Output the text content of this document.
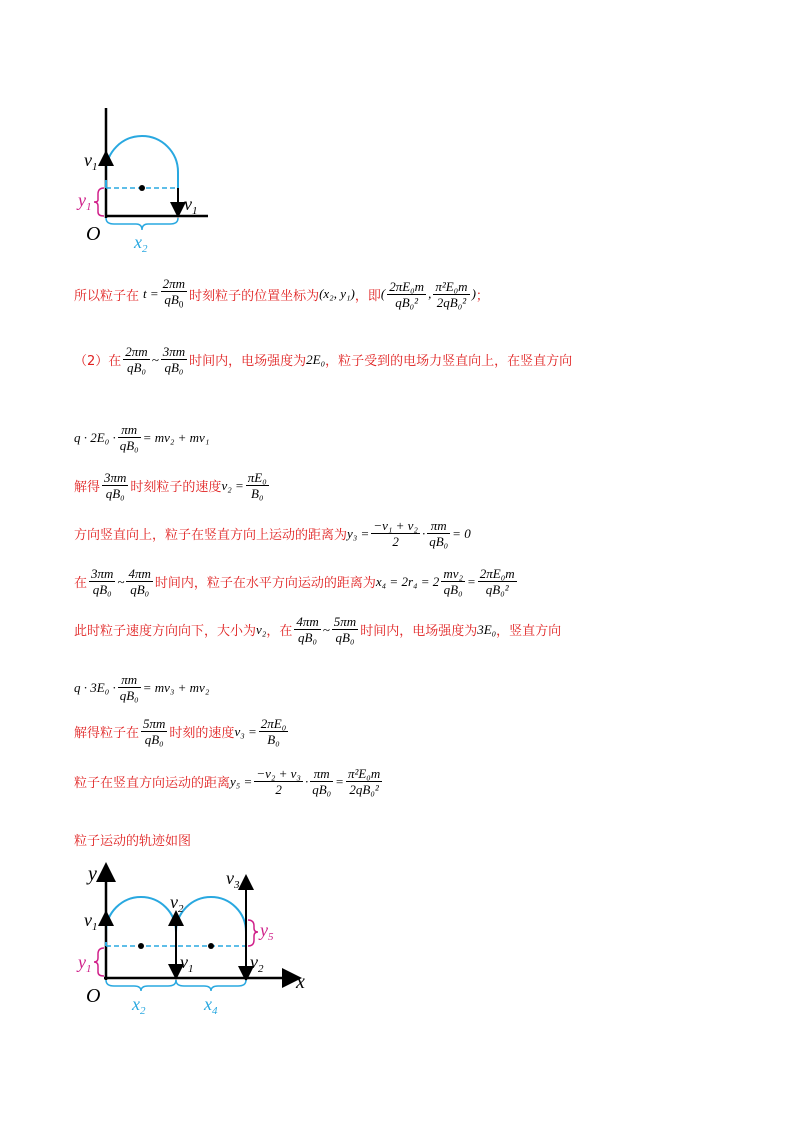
$v_1$
$v_1$
$y_1$
O $x_2$
所以粒子在 $t = \frac{2\pi m}{qB_0}$ 时刻粒子的位置坐标为 (x₂, y₁) ，即 ( $\frac{\text{2πE₀m}}{\text{qB₀²}}$ , $\frac{\text{π²E₀m}}{\text{2qB₀²}}$ ) ；
（2）在 $\frac{2\pi m}{\text{qB₀}}$ ~ $\frac{3\pi m}{\text{qB₀}}$ 时间内，电场强度为 2E₀ ，粒子受到的电场力竖直向上，在竖直方向
$q \cdot 2E_0 \cdot \frac{\pi m}{\text{qB₀}} = mv_2 + mv_1$
解得 $\frac{3\pi m}{\text{qB₀}}$ 时刻粒子的速度 $v_2 = \frac{\text{πE₀}}{\text{B₀}}$
方向竖直向上，粒子在竖直方向上运动的距离为 $y_3 = \frac{\text{−v₁ + v₂}}{2} \cdot \frac{\pi m}{\text{qB₀}} = 0$
在 $\frac{3\pi m}{\text{qB₀}}$ ~ $\frac{4\pi m}{\text{qB₀}}$ 时间内，粒子在水平方向运动的距离为 $x_4 = 2r_4 = 2 \frac{\text{mv₂}}{\text{qB₀}} = \frac{\text{2πE₀m}}{\text{qB₀²}}$
此时粒子速度方向向下，大小为 v₂ ，在 $\frac{4\pi m}{\text{qB₀}}$ ~ $\frac{5\pi m}{\text{qB₀}}$ 时间内，电场强度为 3E₀ ，竖直方向
$q \cdot 3E_0 \cdot \frac{\pi m}{\text{qB₀}} = mv_3 + mv_2$
解得粒子在 $\frac{5\pi m}{\text{qB₀}}$ 时刻的速度 $v_3 = \frac{\text{2πE₀}}{\text{B₀}}$
粒子在竖直方向运动的距离 $y_5 = \frac{\text{−v₂ + v₃}}{2} \cdot \frac{\pi m}{\text{qB₀}} = \frac{\text{π²E₀m}}{\text{2qB₀²}}$
粒子运动的轨迹如图
y
x
$v_1$
$v_2$
$v_1$
$v_3$
$v_2$
$y_1$
$y_5$
O $x_2$	$x_4$
